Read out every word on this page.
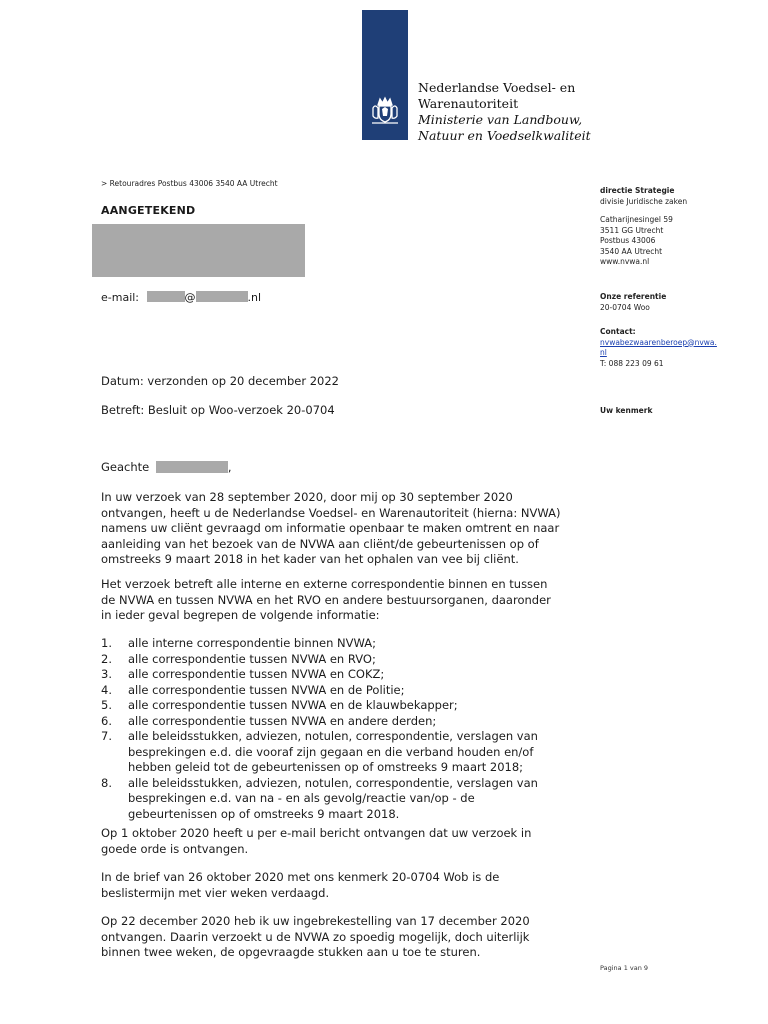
Nederlandse Voedsel- en
Warenautoriteit
Ministerie van Landbouw,
Natuur en Voedselkwaliteit
> Retouradres Postbus 43006 3540 AA Utrecht
AANGETEKEND
e-mail:	@	.nl
Datum: verzonden op 20 december 2022
Betreft: Besluit op Woo-verzoek 20-0704
Geachte	,
In uw verzoek van 28 september 2020, door mij op 30 september 2020 ontvangen, heeft u de Nederlandse Voedsel- en Warenautoriteit (hierna: NVWA) namens uw cliënt gevraagd om informatie openbaar te maken omtrent en naar aanleiding van het bezoek van de NVWA aan cliënt/de gebeurtenissen op of omstreeks 9 maart 2018 in het kader van het ophalen van vee bij cliënt.
Het verzoek betreft alle interne en externe correspondentie binnen en tussen de NVWA en tussen NVWA en het RVO en andere bestuursorganen, daaronder in ieder geval begrepen de volgende informatie:
1. alle interne correspondentie binnen NVWA;
2. alle correspondentie tussen NVWA en RVO;
3. alle correspondentie tussen NVWA en COKZ;
4. alle correspondentie tussen NVWA en de Politie;
5. alle correspondentie tussen NVWA en de klauwbekapper;
6. alle correspondentie tussen NVWA en andere derden;
7. alle beleidsstukken, adviezen, notulen, correspondentie, verslagen van besprekingen e.d. die vooraf zijn gegaan en die verband houden en/of hebben geleid tot de gebeurtenissen op of omstreeks 9 maart 2018;
8. alle beleidsstukken, adviezen, notulen, correspondentie, verslagen van besprekingen e.d. van na - en als gevolg/reactie van/op - de gebeurtenissen op of omstreeks 9 maart 2018.
Op 1 oktober 2020 heeft u per e-mail bericht ontvangen dat uw verzoek in goede orde is ontvangen.
In de brief van 26 oktober 2020 met ons kenmerk 20-0704 Wob is de beslistermijn met vier weken verdaagd.
Op 22 december 2020 heb ik uw ingebrekestelling van 17 december 2020 ontvangen. Daarin verzoekt u de NVWA zo spoedig mogelijk, doch uiterlijk binnen twee weken, de opgevraagde stukken aan u toe te sturen.
directie Strategie
divisie Juridische zaken
Catharijnesingel 59
3511 GG Utrecht
Postbus 43006
3540 AA Utrecht
www.nvwa.nl
Onze referentie
20-0704 Woo
Contact:
nvwabezwaarenberoep@nvwa.
nl
T: 088 223 09 61
Uw kenmerk
Pagina 1 van 9
